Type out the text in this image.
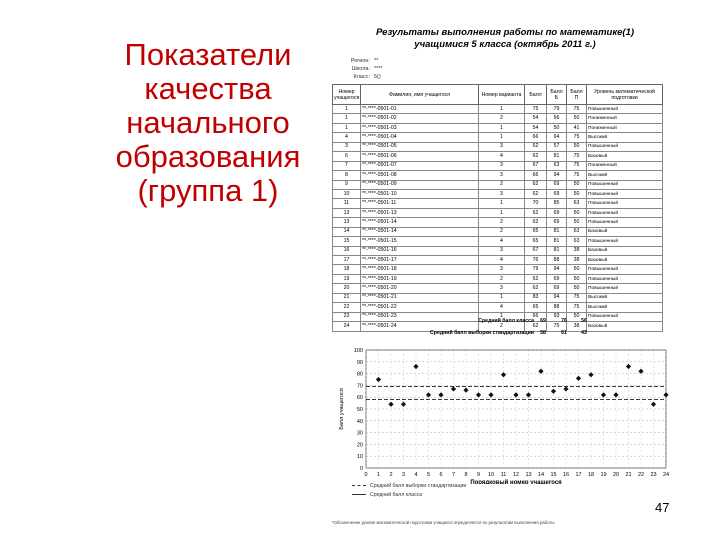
Показатели
качества
начального
образования
(группа 1)
Результаты выполнения работы по математике(1)
учащимися 5 класса (октябрь 2011 г.)
Регион: **
Школа: ****
Класс: 5()
Номер учащегося	Фамилия, имя учащегося	Номер варианта	Балл	Балл Б	Балл П	Уровень математической подготовки
1	**-****-0501-01	1	75	79	75	Повышенный
1	**-****-0501-02	2	54	56	50	Пониженный
1	**-****-0501-03	1	54	50	41	Пониженный
4	**-****-0501-04	1	66	94	75	Высокий
3	**-****-0501-05	3	62	57	50	Повышенный
6	**-****-0501-06	4	62	81	75	Базовый
7	**-****-0501-07	3	67	63	75	Пониженный
8	**-****-0501-08	3	66	94	75	Высокий
9	**-****-0501-09	2	62	69	50	Повышенный
10	**-****-0501-10	3	62	69	50	Повышенный
11	**-****-0501-11	1	70	85	63	Повышенный
13	**-****-0501-13	1	62	69	50	Повышенный
13	**-****-0501-14	2	62	69	50	Повышенный
14	**-****-0501-14	2	65	81	63	Базовый
15	**-****-0501-15	4	65	81	63	Повышенный
16	**-****-0501-16	3	67	81	38	Базовый
17	**-****-0501-17	4	76	88	38	Базовый
18	**-****-0501-18	3	79	94	50	Повышенный
19	**-****-0501-19	2	62	69	50	Повышенный
20	**-****-0501-20	3	62	69	50	Повышенный
21	**-****-0501-21	1	83	94	75	Высокий
22	**-****-0501-22	4	65	88	75	Высокий
23	**-****-0501-23	1	66	93	50	Повышенный
24	**-****-0501-24	2	62	75	38	Базовый
Средний балл класса	69	76	56
Средний балл выборки стандартизации	58	61	43
0
10
20
30
40
50
60
70
80
90
100
0 1 2 3 4 5 6 7 8 9 10 11 12 13 14 15 16 17 18 19 20 21 22 23 24
Порядковый номер учащегося
Балл учащегося
Средний балл выборки стандартизации
Средний балл класса
*Обозначение уровня математической подготовки учащихся определяется по результатам выполнения работы
47
